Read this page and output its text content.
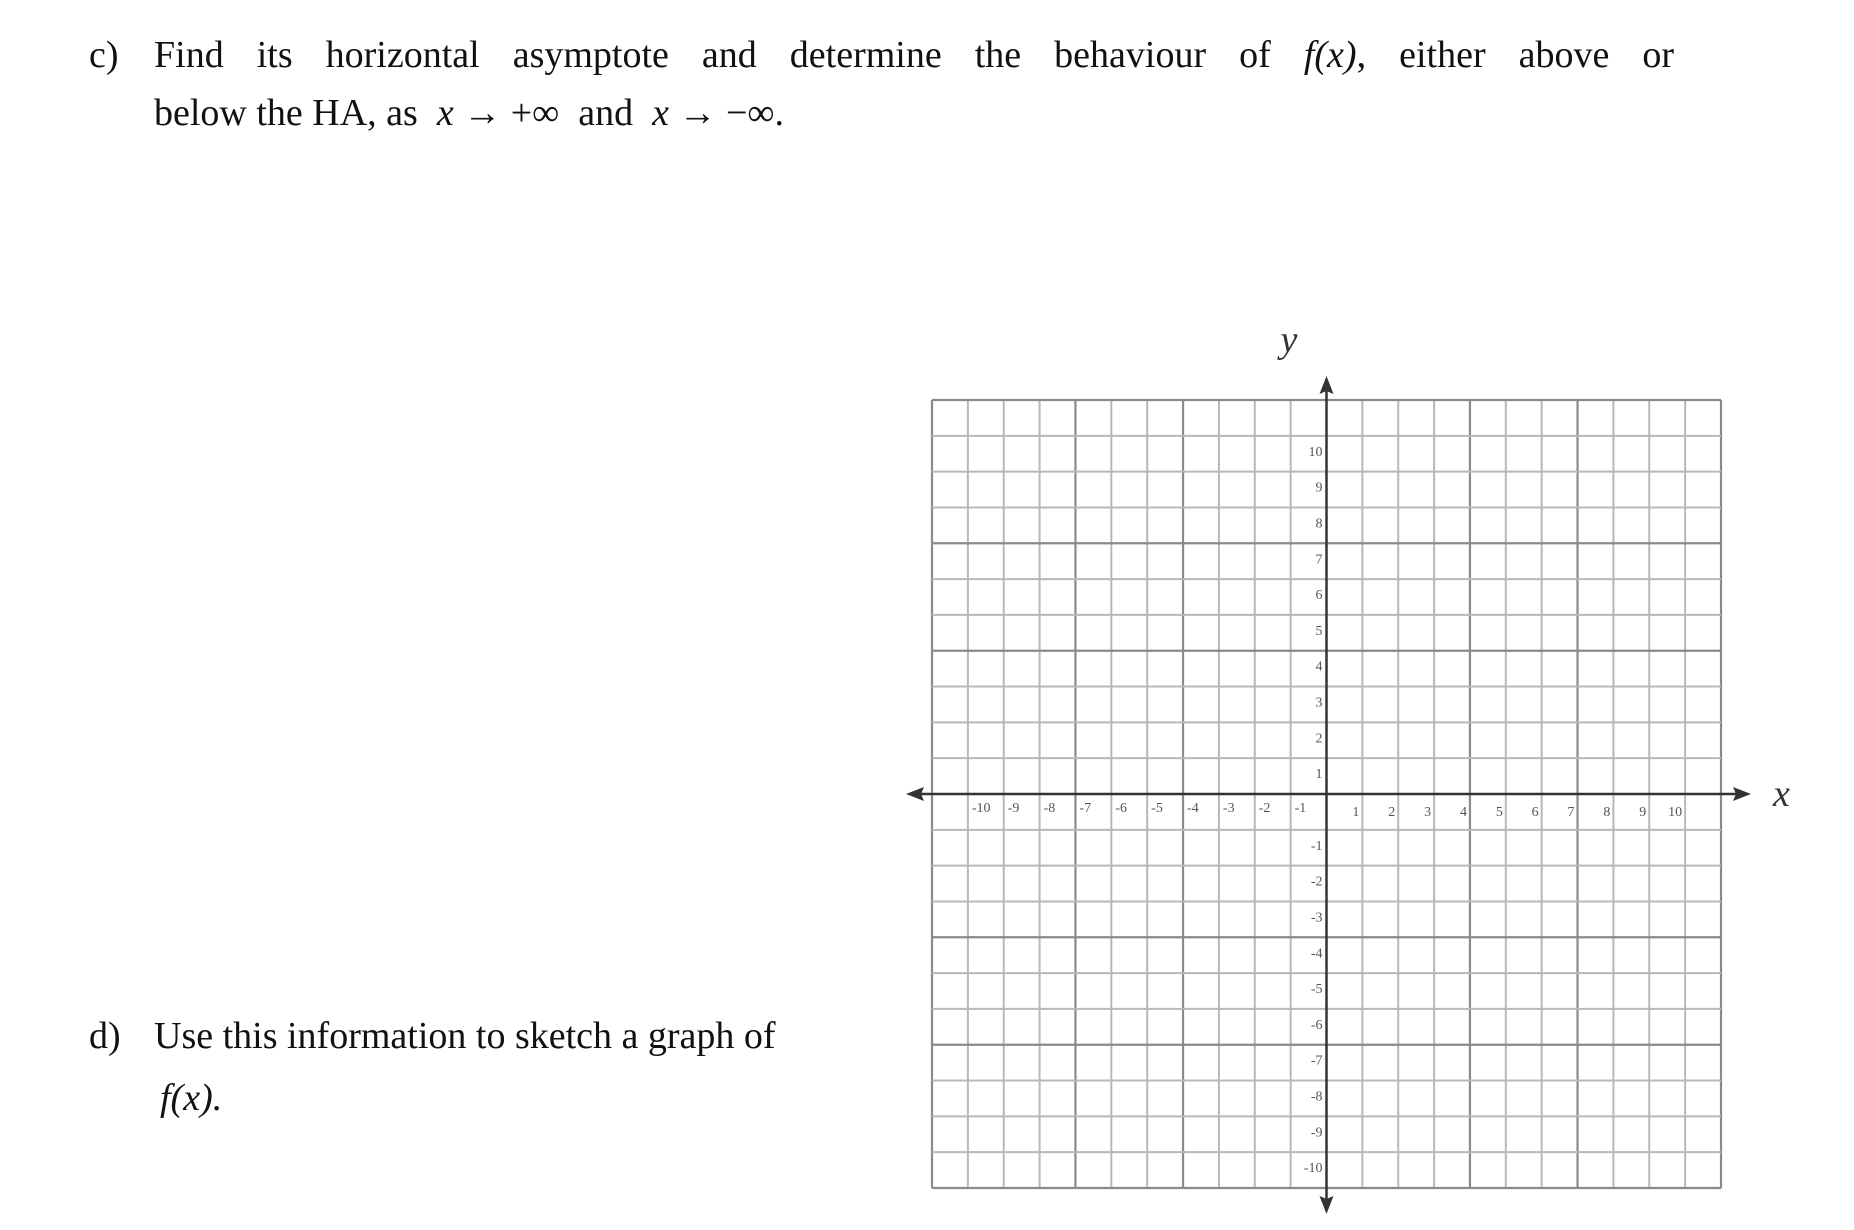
c) Find its horizontal asymptote and determine the behaviour of f(x), either above or
below the HA, as x → +∞ and x → −∞.
d) Use this information to sketch a graph of
f(x).
-10 -9 -8 -7 -6 -5 -4 -3 -2 -1	1 2 3 4 5 6 7 8 9 10
10
9
8
7
6
5
4
3
2
1
-1
-2
-3
-4
-5
-6
-7
-8
-9
-10
x
y
